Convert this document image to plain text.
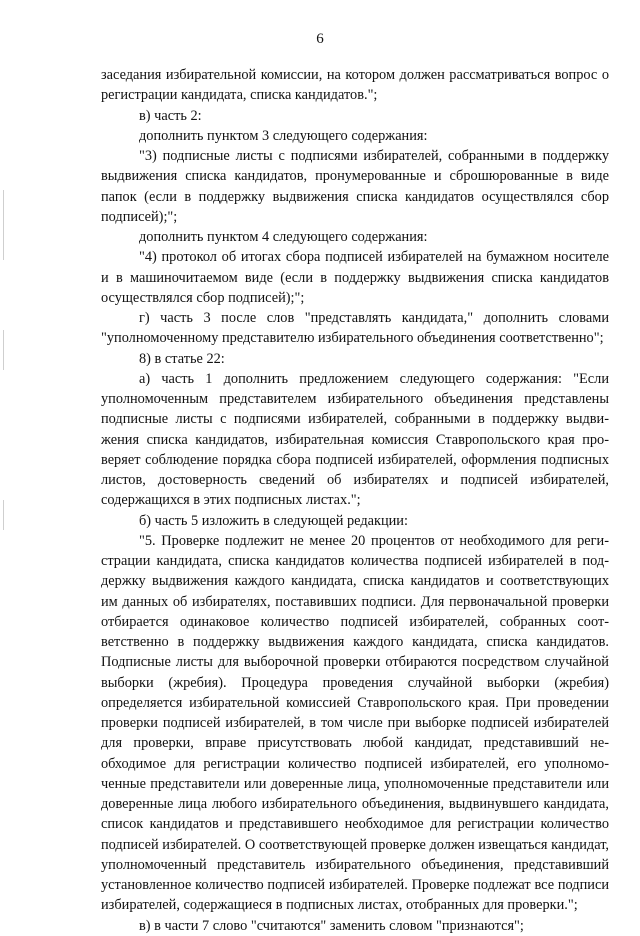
6

заседания избирательной комиссии, на котором должен рассматриваться вопрос о регистрации кандидата, списка кандидатов.";

в) часть 2:

дополнить пунктом 3 следующего содержания:

"3) подписные листы с подписями избирателей, собранными в поддержку выдвижения списка кандидатов, пронумерованные и сброшюрованные в виде папок (если в поддержку выдвижения списка кандидатов осуществлялся сбор подписей);";

дополнить пунктом 4 следующего содержания:

"4) протокол об итогах сбора подписей избирателей на бумажном носителе и в машиночитаемом виде (если в поддержку выдвижения списка кандидатов осуществлялся сбор подписей);";

г) часть 3 после слов "представлять кандидата," дополнить словами "уполномоченному представителю избирательного объединения соответственно";

8) в статье 22:

а) часть 1 дополнить предложением следующего содержания: "Если уполномоченным представителем избирательного объединения представлены подписные листы с подписями избирателей, собранными в поддержку выдвижения списка кандидатов, избирательная комиссия Ставропольского края проверяет соблюдение порядка сбора подписей избирателей, оформления подписных листов, достоверность сведений об избирателях и подписей избирателей, содержащихся в этих подписных листах.";

б) часть 5 изложить в следующей редакции:

"5. Проверке подлежит не менее 20 процентов от необходимого для регистрации кандидата, списка кандидатов количества подписей избирателей в поддержку выдвижения каждого кандидата, списка кандидатов и соответствующих им данных об избирателях, поставивших подписи. Для первоначальной проверки отбирается одинаковое количество подписей избирателей, собранных соответственно в поддержку выдвижения каждого кандидата, списка кандидатов. Подписные листы для выборочной проверки отбираются посредством случайной выборки (жребия). Процедура проведения случайной выборки (жребия) определяется избирательной комиссией Ставропольского края. При проведении проверки подписей избирателей, в том числе при выборке подписей избирателей для проверки, вправе присутствовать любой кандидат, представивший необходимое для регистрации количество подписей избирателей, его уполномоченные представители или доверенные лица, уполномоченные представители или доверенные лица любого избирательного объединения, выдвинувшего кандидата, список кандидатов и представившего необходимое для регистрации количество подписей избирателей. О соответствующей проверке должен извещаться кандидат, уполномоченный представитель избирательного объединения, представивший установленное количество подписей избирателей. Проверке подлежат все подписи избирателей, содержащиеся в подписных листах, отобранных для проверки.";

в) в части 7 слово "считаются" заменить словом "признаются";
